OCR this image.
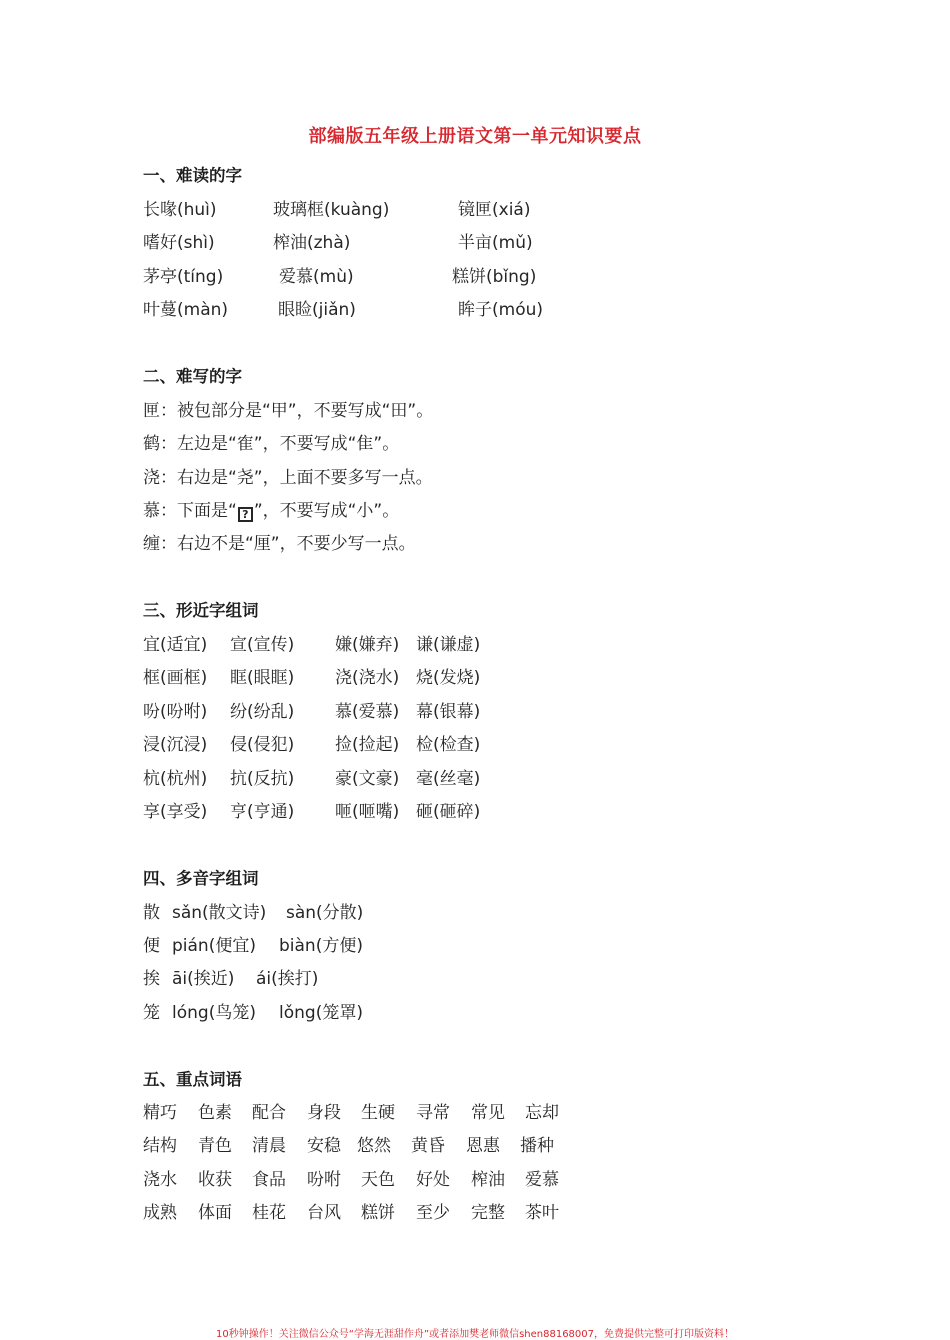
部编版五年级上册语文第一单元知识要点
一、难读的字
长喙(huì)	玻璃框(kuàng)	镜匣(xiá)
嗜好(shì)	榨油(zhà)	半亩(mǔ)
茅亭(tíng)	爱慕(mù)	糕饼(bǐng)
叶蔓(màn)	眼睑(jiǎn)	眸子(móu)
二、难写的字
匣：被包部分是“甲”，不要写成“田”。
鹤：左边是“隺”，不要写成“隹”。
浇：右边是“尧”，上面不要多写一点。
慕：下面是“ ? ”，不要写成“小”。
缠：右边不是“厘”，不要少写一点。
三、形近字组词
宜(适宜) 宣(宣传) 嫌(嫌弃) 谦(谦虚)
框(画框) 眶(眼眶) 浇(浇水) 烧(发烧)
吩(吩咐) 纷(纷乱) 慕(爱慕) 幕(银幕)
浸(沉浸) 侵(侵犯) 捡(捡起) 检(检查)
杭(杭州) 抗(反抗) 豪(文豪) 毫(丝毫)
享(享受) 亨(亨通) 咂(咂嘴) 砸(砸碎)
四、多音字组词
散 sǎn(散文诗) sàn(分散)
便 pián(便宜) biàn(方便)
挨 āi(挨近) ái(挨打)
笼 lóng(鸟笼) lǒng(笼罩)
五、重点词语
精巧 色素 配合 身段 生硬 寻常 常见 忘却
结构 青色 清晨 安稳 悠然 黄昏 恩惠 播种
浇水 收获 食品 吩咐 天色 好处 榨油 爱慕
成熟 体面 桂花 台风 糕饼 至少 完整 茶叶
10秒钟操作！关注微信公众号“学海无涯甜作舟”或者添加樊老师微信shen88168007，免费提供完整可打印版资料！
